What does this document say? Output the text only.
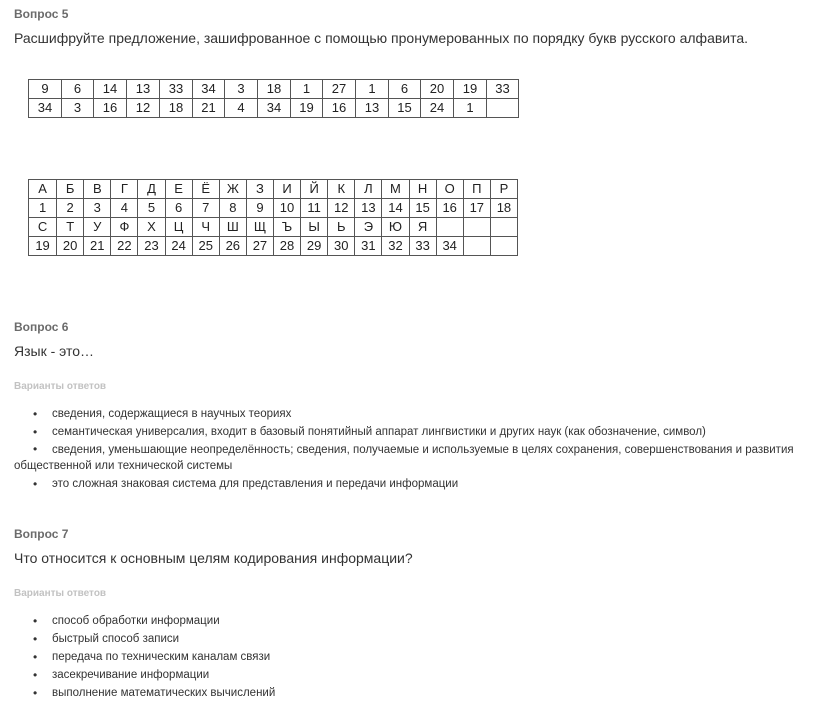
Вопрос 5
Расшифруйте предложение, зашифрованное с помощью пронумерованных по порядку букв русского алфавита.
9	6	14	13	33	34	3	18	1	27	1	6	20	19	33
34	3	16	12	18	21	4	34	19	16	13	15	24	1	
А	Б	В	Г	Д	Е	Ё	Ж	З	И	Й	К	Л	М	Н	О	П	Р
1	2	3	4	5	6	7	8	9	10	11	12	13	14	15	16	17	18
С	Т	У	Ф	Х	Ц	Ч	Ш	Щ	Ъ	Ы	Ь	Э	Ю	Я			
19	20	21	22	23	24	25	26	27	28	29	30	31	32	33	34		
Вопрос 6
Язык - это…
Варианты ответов
• сведения, содержащиеся в научных теориях
• семантическая универсалия, входит в базовый понятийный аппарат лингвистики и других наук (как обозначение, символ)
• сведения, уменьшающие неопределённость; сведения, получаемые и используемые в целях сохранения, совершенствования и развития общественной или технической системы
• это сложная знаковая система для представления и передачи информации
Вопрос 7
Что относится к основным целям кодирования информации?
Варианты ответов
• способ обработки информации
• быстрый способ записи
• передача по техническим каналам связи
• засекречивание информации
• выполнение математических вычислений
